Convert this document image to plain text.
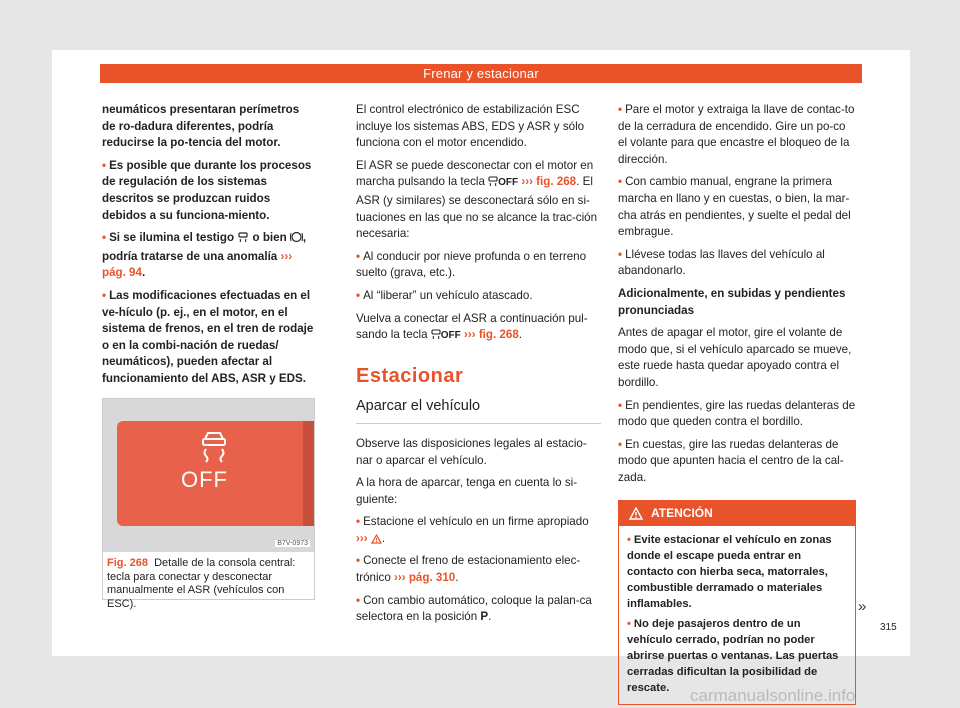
Frenar y estacionar

neumáticos presentaran perímetros de ro-dadura diferentes, podría reducirse la po-tencia del motor.

• Es posible que durante los procesos de regulación de los sistemas descritos se produzcan ruidos debidos a su funciona-miento.

• Si se ilumina el testigo o bien , podría tratarse de una anomalía ››› pág. 94.

• Las modificaciones efectuadas en el ve-hículo (p. ej., en el motor, en el sistema de frenos, en el tren de rodaje o en la combi-nación de ruedas/ neumáticos), pueden afectar al funcionamiento del ABS, ASR y EDS.

OFF
B7V-0973
Fig. 268 Detalle de la consola central: tecla para conectar y desconectar manualmente el ASR (vehículos con ESC).

El control electrónico de estabilización ESC incluye los sistemas ABS, EDS y ASR y sólo funciona con el motor encendido.

El ASR se puede desconectar con el motor en marcha pulsando la tecla OFF ››› fig. 268. El ASR (y similares) se desconectará sólo en si-tuaciones en las que no se alcance la trac-ción necesaria:

• Al conducir por nieve profunda o en terreno suelto (grava, etc.).

• Al “liberar” un vehículo atascado.

Vuelva a conectar el ASR a continuación pul-sando la tecla OFF ››› fig. 268.

Estacionar
Aparcar el vehículo

Observe las disposiciones legales al estacio-nar o aparcar el vehículo.

A la hora de aparcar, tenga en cuenta lo si-guiente:

• Estacione el vehículo en un firme apropiado ››› .

• Conecte el freno de estacionamiento elec-trónico ››› pág. 310.

• Con cambio automático, coloque la palan-ca selectora en la posición P.

• Pare el motor y extraiga la llave de contac-to de la cerradura de encendido. Gire un po-co el volante para que encastre el bloqueo de la dirección.

• Con cambio manual, engrane la primera marcha en llano y en cuestas, o bien, la mar-cha atrás en pendientes, y suelte el pedal del embrague.

• Llévese todas las llaves del vehículo al abandonarlo.

Adicionalmente, en subidas y pendientes pronunciadas

Antes de apagar el motor, gire el volante de modo que, si el vehículo aparcado se mueve, este ruede hasta quedar apoyado contra el bordillo.

• En pendientes, gire las ruedas delanteras de modo que queden contra el bordillo.

• En cuestas, gire las ruedas delanteras de modo que apunten hacia el centro de la cal-zada.

ATENCIÓN

• Evite estacionar el vehículo en zonas donde el escape pueda entrar en contacto con hierba seca, matorrales, combustible derramado o materiales inflamables.

• No deje pasajeros dentro de un vehículo cerrado, podrían no poder abrirse puertas o ventanas. Las puertas cerradas dificultan la posibilidad de rescate.

»
315
carmanualsonline.info
